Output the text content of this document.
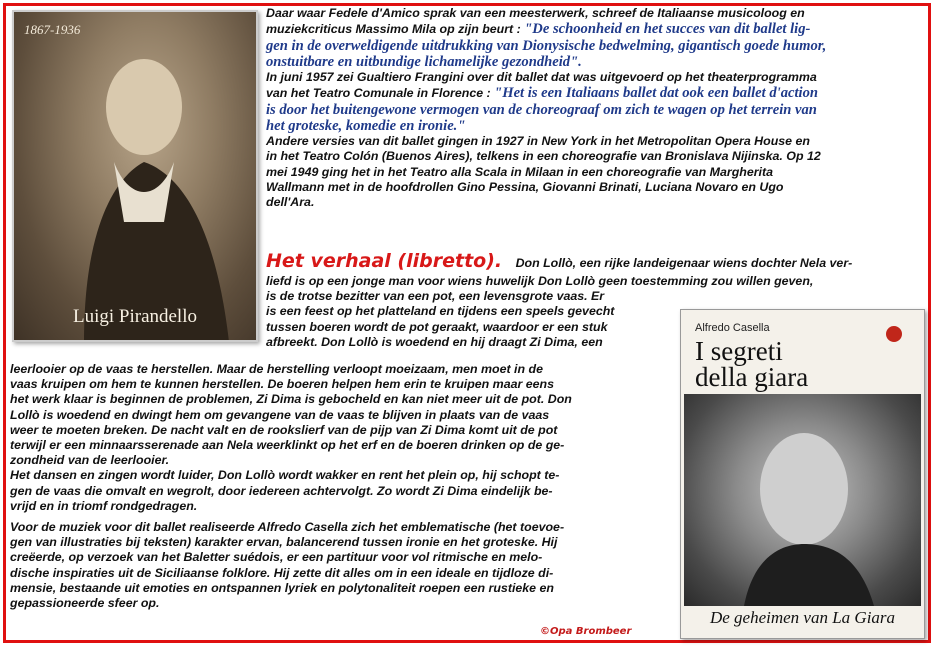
1867-1936
Luigi Pirandello
Daar waar Fedele d'Amico sprak van een meesterwerk, schreef de Italiaanse musicoloog en
muziekcriticus Massimo Mila op zijn beurt : "De schoonheid en het succes van dit ballet lig-
gen in de overweldigende uitdrukking van Dionysische bedwelming, gigantisch goede humor,
onstuitbare en uitbundige lichamelijke gezondheid".
In juni 1957 zei Gualtiero Frangini over dit ballet dat was uitgevoerd op het theaterprogramma
van het Teatro Comunale in Florence : "Het is een Italiaans ballet dat ook een ballet d'action
is door het buitengewone vermogen van de choreograaf om zich te wagen op het terrein van
het groteske, komedie en ironie."
Andere versies van dit ballet gingen in 1927 in New York in het Metropolitan Opera House en
in het Teatro Colón (Buenos Aires), telkens in een choreografie van Bronislava Nijinska. Op 12
mei 1949 ging het in het Teatro alla Scala in Milaan in een choreografie van Margherita
Wallmann met in de hoofdrollen Gino Pessina, Giovanni Brinati, Luciana Novaro en Ugo
dell'Ara.
Het verhaal (libretto). Don Lollò, een rijke landeigenaar wiens dochter Nela ver-
liefd is op een jonge man voor wiens huwelijk Don Lollò geen toestemming zou willen geven,
is de trotse bezitter van een pot, een levensgrote vaas. Er
is een feest op het platteland en tijdens een speels gevecht
tussen boeren wordt de pot geraakt, waardoor er een stuk
afbreekt. Don Lollò is woedend en hij draagt Zi Dima, een
Alfredo Casella
I segreti
della giara
De geheimen van La Giara
leerlooier op de vaas te herstellen. Maar de herstelling verloopt moeizaam, men moet in de
vaas kruipen om hem te kunnen herstellen. De boeren helpen hem erin te kruipen maar eens
het werk klaar is beginnen de problemen, Zi Dima is gebocheld en kan niet meer uit de pot. Don
Lollò is woedend en dwingt hem om gevangene van de vaas te blijven in plaats van de vaas
weer te moeten breken. De nacht valt en de rookslierf van de pijp van Zi Dima komt uit de pot
terwijl er een minnaarsserenade aan Nela weerklinkt op het erf en de boeren drinken op de ge-
zondheid van de leerlooier.
Het dansen en zingen wordt luider, Don Lollò wordt wakker en rent het plein op, hij schopt te-
gen de vaas die omvalt en wegrolt, door iedereen achtervolgt. Zo wordt Zi Dima eindelijk be-
vrijd en in triomf rondgedragen.
Voor de muziek voor dit ballet realiseerde Alfredo Casella zich het emblematische (het toevoe-
gen van illustraties bij teksten) karakter ervan, balancerend tussen ironie en het groteske. Hij
creëerde, op verzoek van het Baletter suédois, er een partituur voor vol ritmische en melo-
dische inspiraties uit de Siciliaanse folklore. Hij zette dit alles om in een ideale en tijdloze di-
mensie, bestaande uit emoties en ontspannen lyriek en polytonaliteit roepen een rustieke en
gepassioneerde sfeer op.
©Opa Brombeer
